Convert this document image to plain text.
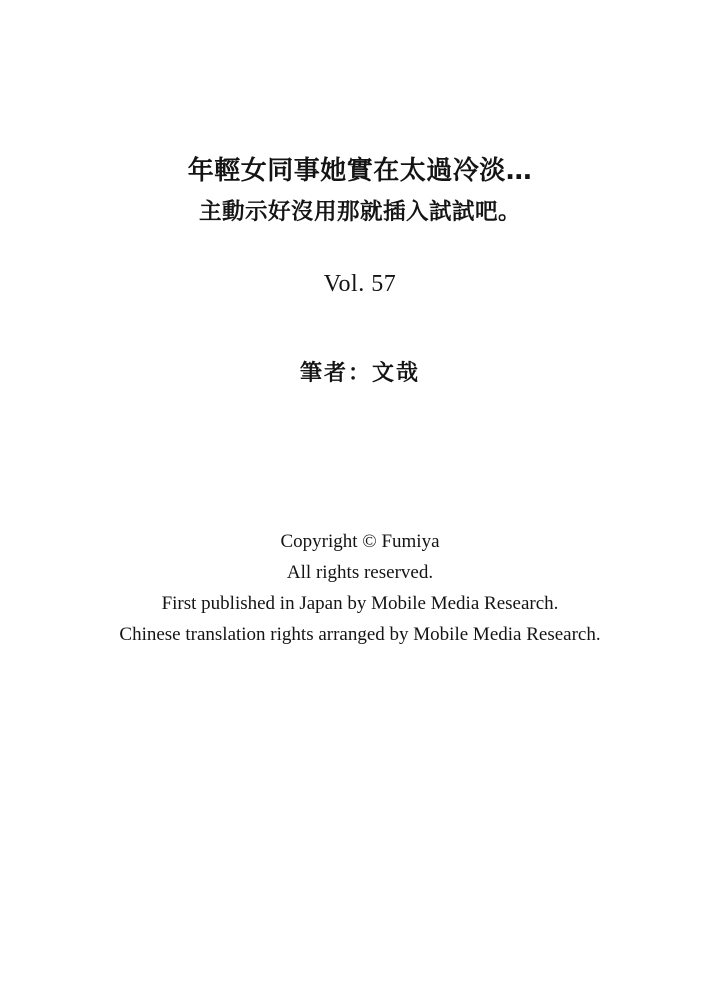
年輕女同事她實在太過冷淡…
主動示好沒用那就插入試試吧。
Vol. 57
筆者：文哉
Copyright © Fumiya
All rights reserved.
First published in Japan by Mobile Media Research.
Chinese translation rights arranged by Mobile Media Research.
